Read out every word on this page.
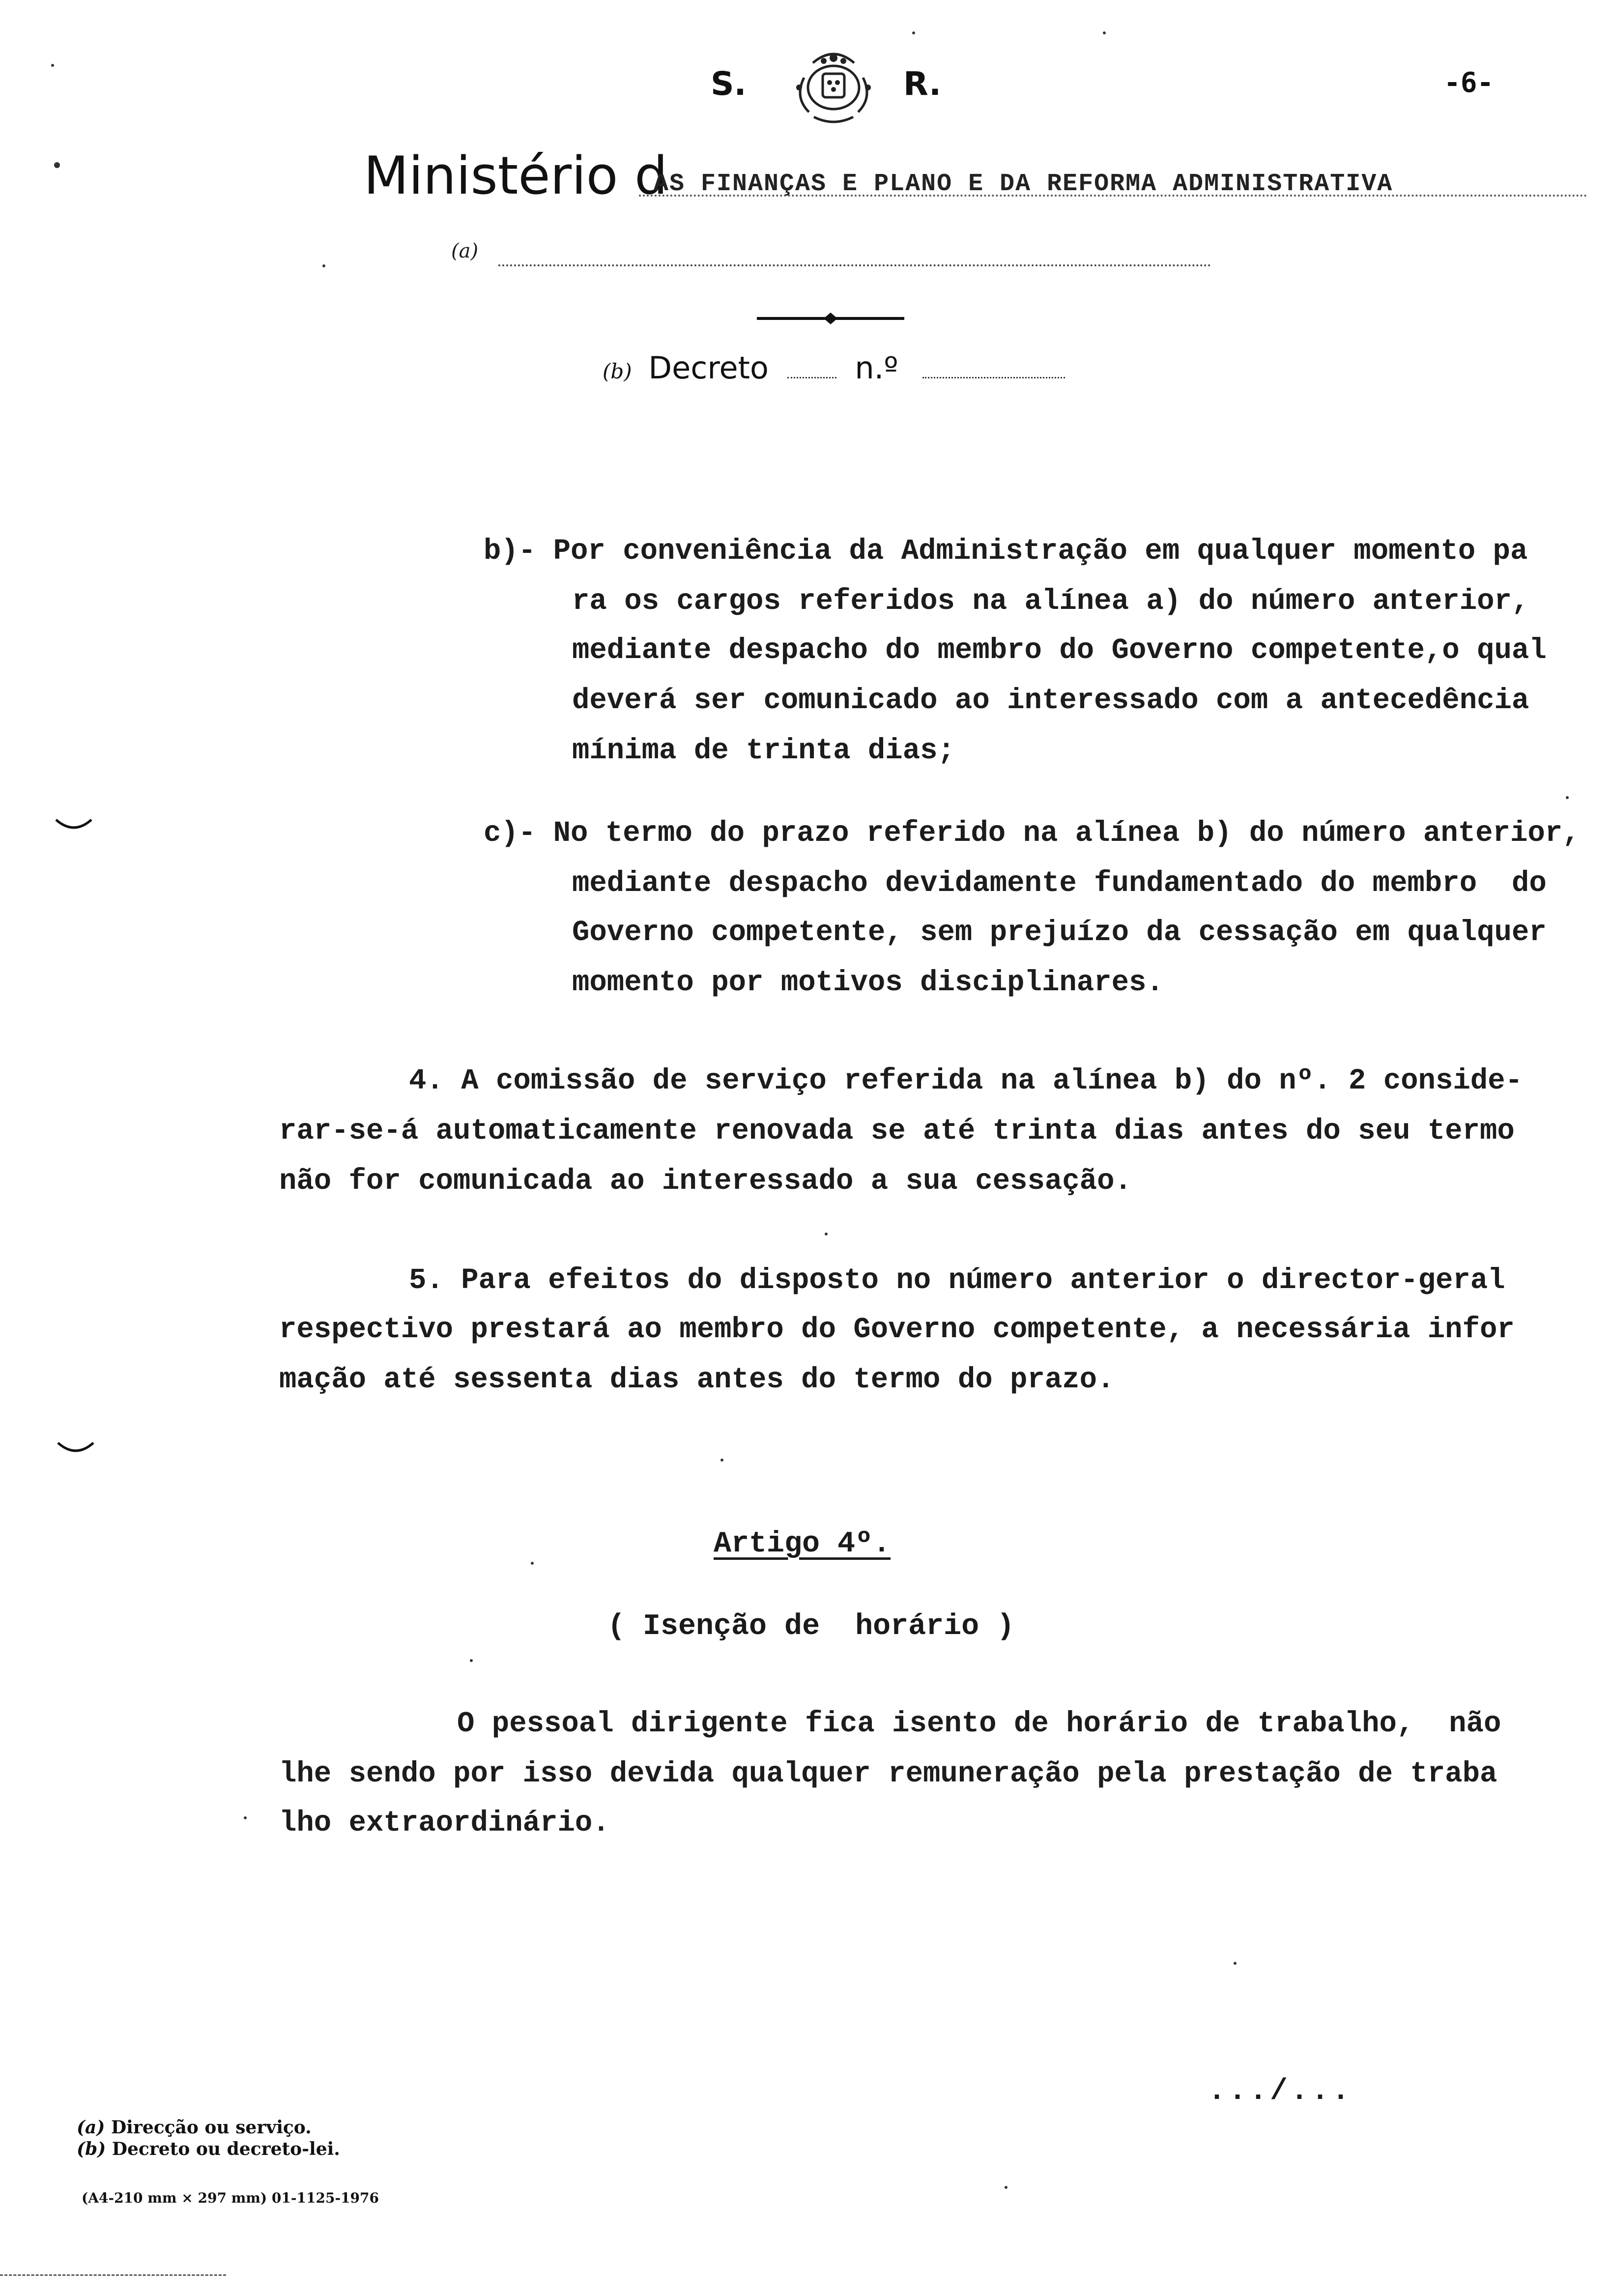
S.	R.	-6-
Ministério d
AS FINANÇAS E PLANO E DA REFORMA ADMINISTRATIVA
(a)
(b) Decreto	n.º
b)- Por conveniência da Administração em qualquer momento pa
ra os cargos referidos na alínea a) do número anterior,
mediante despacho do membro do Governo competente,o qual
deverá ser comunicado ao interessado com a antecedência
mínima de trinta dias;
c)- No termo do prazo referido na alínea b) do número anterior,
mediante despacho devidamente fundamentado do membro  do
Governo competente, sem prejuízo da cessação em qualquer
momento por motivos disciplinares.
4. A comissão de serviço referida na alínea b) do nº. 2 conside-
rar-se-á automaticamente renovada se até trinta dias antes do seu termo
não for comunicada ao interessado a sua cessação.
5. Para efeitos do disposto no número anterior o director-geral
respectivo prestará ao membro do Governo competente, a necessária infor
mação até sessenta dias antes do termo do prazo.
O pessoal dirigente fica isento de horário de trabalho,  não
lhe sendo por isso devida qualquer remuneração pela prestação de traba
lho extraordinário.
Artigo 4º.
( Isenção de  horário )
.../...
(a) Direcção ou serviço.
(b) Decreto ou decreto-lei.
(A4-210 mm × 297 mm) 01-1125-1976
